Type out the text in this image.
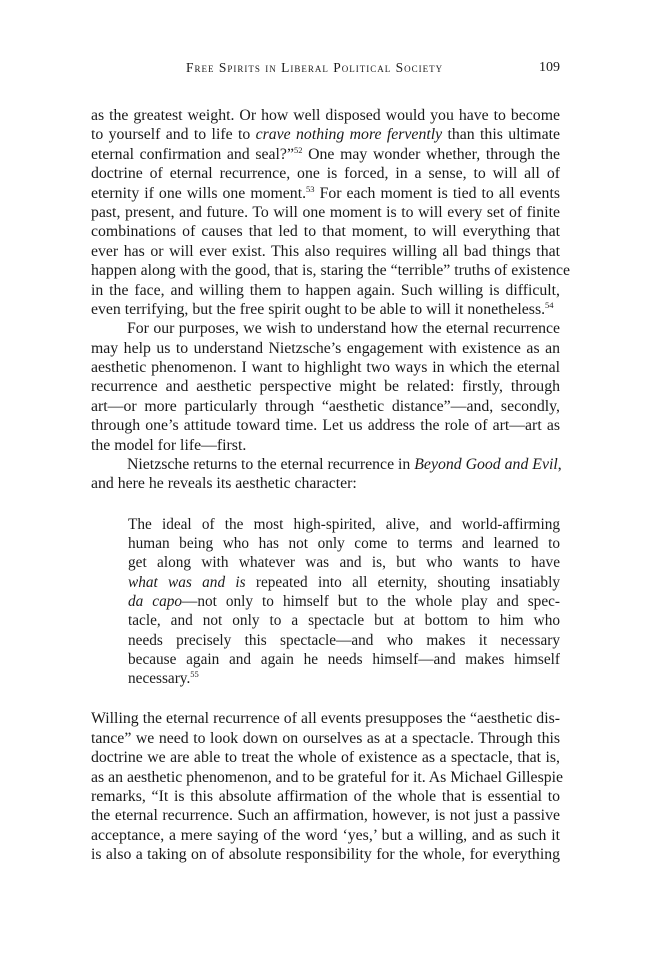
Free Spirits in Liberal Political Society	109
as the greatest weight. Or how well disposed would you have to become
to yourself and to life to crave nothing more fervently than this ultimate
eternal confirmation and seal?”$^{52}$ One may wonder whether, through the
doctrine of eternal recurrence, one is forced, in a sense, to will all of
eternity if one wills one moment.$^{53}$ For each moment is tied to all events
past, present, and future. To will one moment is to will every set of finite
combinations of causes that led to that moment, to will everything that
ever has or will ever exist. This also requires willing all bad things that
happen along with the good, that is, staring the “terrible” truths of existence
in the face, and willing them to happen again. Such willing is difficult,
even terrifying, but the free spirit ought to be able to will it nonetheless.$^{54}$
For our purposes, we wish to understand how the eternal recurrence
may help us to understand Nietzsche’s engagement with existence as an
aesthetic phenomenon. I want to highlight two ways in which the eternal
recurrence and aesthetic perspective might be related: firstly, through
art—or more particularly through “aesthetic distance”—and, secondly,
through one’s attitude toward time. Let us address the role of art—art as
the model for life—first.
Nietzsche returns to the eternal recurrence in Beyond Good and Evil,
and here he reveals its aesthetic character:
The ideal of the most high-spirited, alive, and world-affirming
human being who has not only come to terms and learned to
get along with whatever was and is, but who wants to have
what was and is repeated into all eternity, shouting insatiably
da capo—not only to himself but to the whole play and spec-
tacle, and not only to a spectacle but at bottom to him who
needs precisely this spectacle—and who makes it necessary
because again and again he needs himself—and makes himself
necessary.$^{55}$
Willing the eternal recurrence of all events presupposes the “aesthetic dis-
tance” we need to look down on ourselves as at a spectacle. Through this
doctrine we are able to treat the whole of existence as a spectacle, that is,
as an aesthetic phenomenon, and to be grateful for it. As Michael Gillespie
remarks, “It is this absolute affirmation of the whole that is essential to
the eternal recurrence. Such an affirmation, however, is not just a passive
acceptance, a mere saying of the word ‘yes,’ but a willing, and as such it
is also a taking on of absolute responsibility for the whole, for everything
